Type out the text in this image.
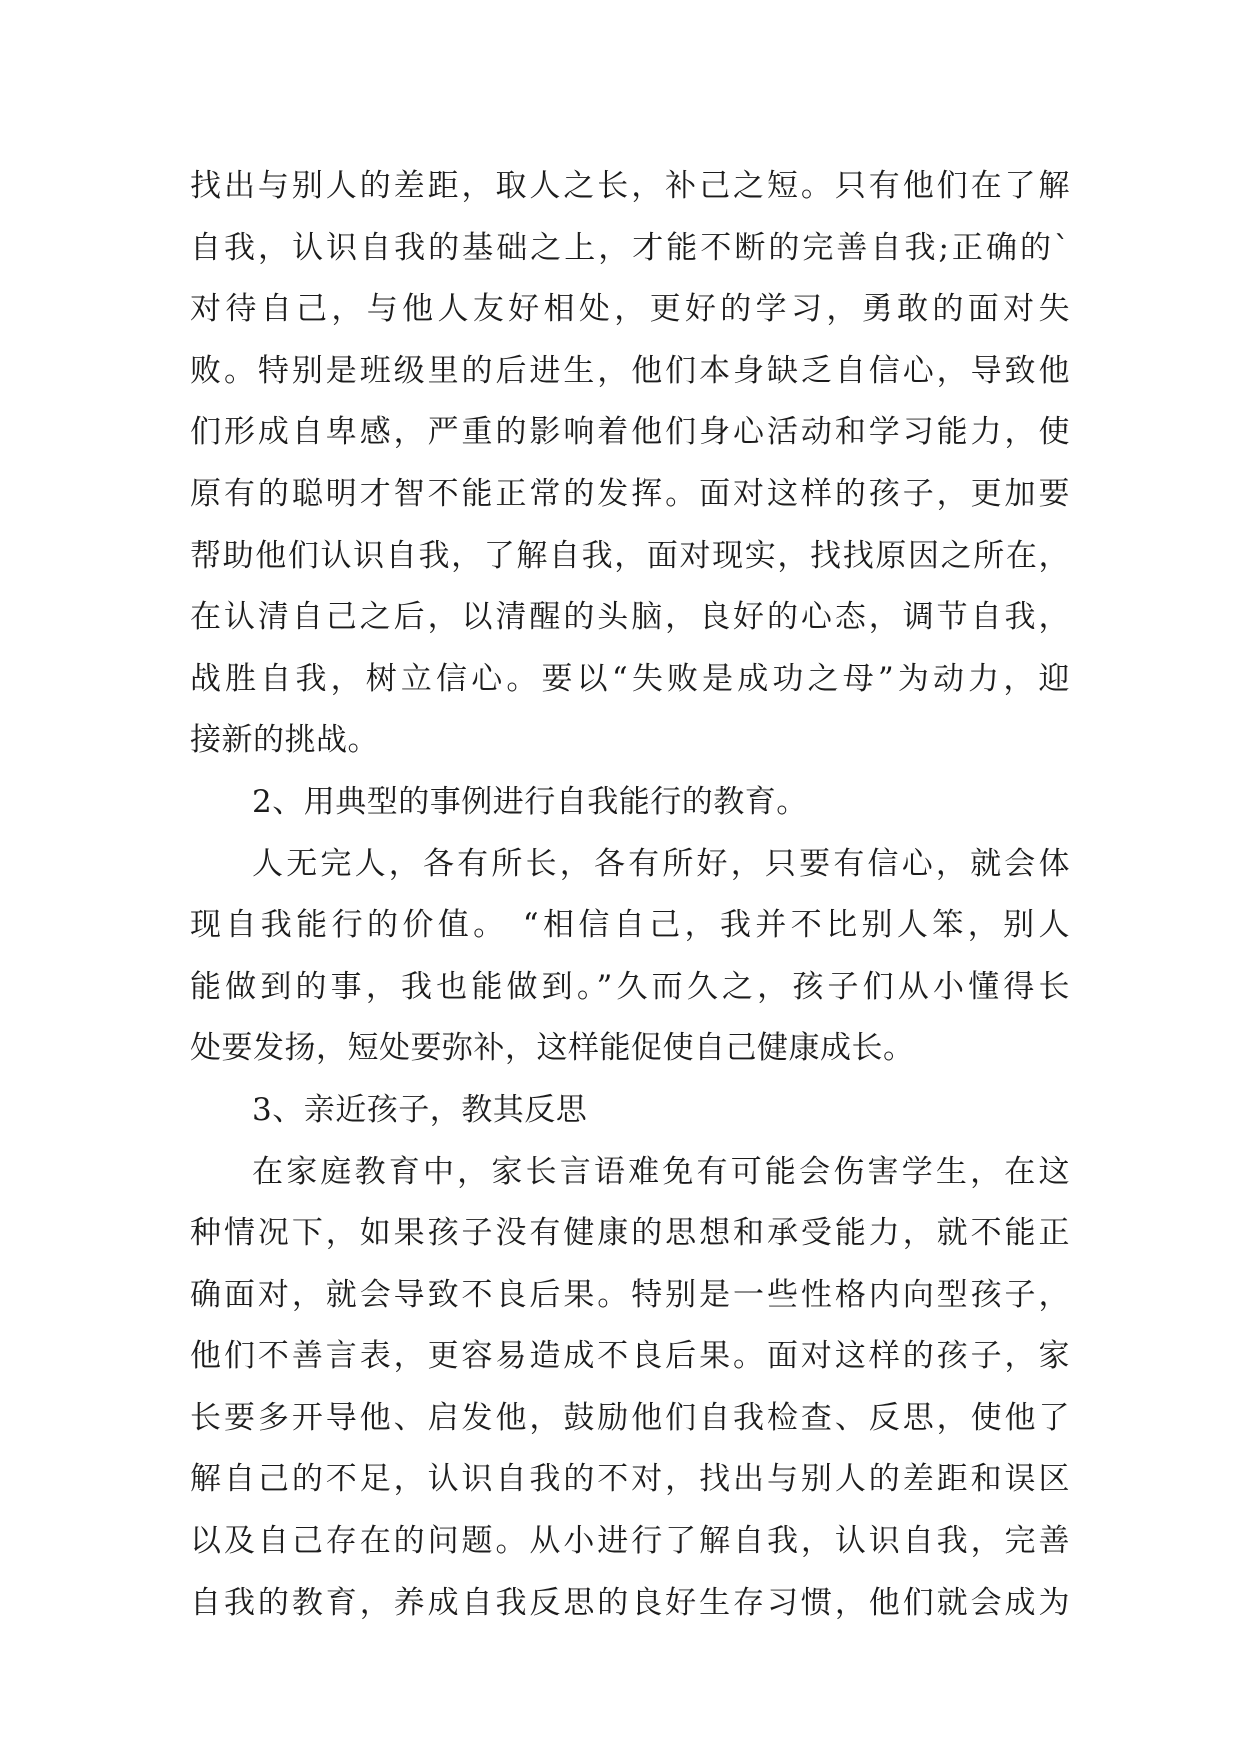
找出与别人的差距，取人之长，补己之短。只有他们在了解
自我，认识自我的基础之上，才能不断的完善自我;正确的`
对待自己，与他人友好相处，更好的学习，勇敢的面对失
败。特别是班级里的后进生，他们本身缺乏自信心，导致他
们形成自卑感，严重的影响着他们身心活动和学习能力，使
原有的聪明才智不能正常的发挥。面对这样的孩子，更加要
帮助他们认识自我，了解自我，面对现实，找找原因之所在，
在认清自己之后，以清醒的头脑，良好的心态，调节自我，
战胜自我，树立信心。要以“失败是成功之母”为动力，迎
接新的挑战。
2、用典型的事例进行自我能行的教育。
人无完人，各有所长，各有所好，只要有信心，就会体
现自我能行的价值。 “相信自己，我并不比别人笨，别人
能做到的事，我也能做到。”久而久之，孩子们从小懂得长
处要发扬，短处要弥补，这样能促使自己健康成长。
3、亲近孩子，教其反思
在家庭教育中，家长言语难免有可能会伤害学生，在这
种情况下，如果孩子没有健康的思想和承受能力，就不能正
确面对，就会导致不良后果。特别是一些性格内向型孩子，
他们不善言表，更容易造成不良后果。面对这样的孩子，家
长要多开导他、启发他，鼓励他们自我检查、反思，使他了
解自己的不足，认识自我的不对，找出与别人的差距和误区
以及自己存在的问题。从小进行了解自我，认识自我，完善
自我的教育，养成自我反思的良好生存习惯，他们就会成为
